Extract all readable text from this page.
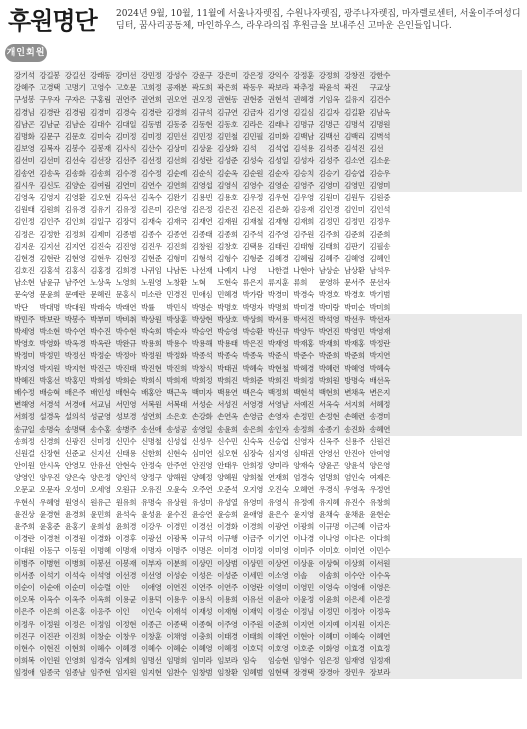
후원명단 2024년 9월, 10월, 11월에 서울나자렛집, 수원나자렛집, 광주나자렛집, 마자렐로센터, 서울이주여성디딤터, 꿈사리공동체, 마인하우스, 라우라의집 후원금을 보내주신 고마운 은인들입니다.
개인회원
강기석 강길봉 강길선 강래동 강미선 강민정 강성수 강운구 강은미 강은정 강익수 강정훈 강정희 강창진 강한수
강혜주 고경택 고명기 고영수 고호문 고희정 공재분 곽도희 곽은희 곽동우 곽보라 곽추정 곽윤석 곽진	구교상
구성봉 구우자 구자은 구홍림 권연주 권연희 권오연 권오정 권현동 권현중 권현석 권혜경 기임옥 길유지 김건수
김경님 김경란 김경림 김경미 김경숙 김경란 김경희 김규석 김규연 김금자 김기영 김길심 김길자 김길환 김남옥
김남곤 김남균 김남순 김대수 김대일 김동범 김동중 김동현 김동호 김라은 김래나 김명규 김명근 김명석 김명원
김명화 김문구 김문호 김미숙 김미정 김미정 김민선 김민정 김민철 김민필 김미화 김백남 김백선 김백리 김벽석
김보영 김복자 김봉수 김봉재 김사식 김산수 김상미 김상윤 김상화 김석	김석엽 김석용 김석종 김석진 김선
김선미 김선미 김선숙 김선장 김선주 김선정 김선희 김성란 김성준 김성숙 김성일 김성자 김성주 김소연 김소운
김송연 김송옥 김송화 김송희 김수경 김수정 김순례 김순식 김순옥 김순원 김순자 김승치 김승기 김승엽 김승우
김시우 김신도 김양순 김여림 김연미 김연수 김연희 김영섭 김영식 김영수 김영순 김영주 김영미 김영민 김영미
김영옥 김영지 김영환 김오현 김옥선 김옥수 김완기 김용빈 김용호 김우정 김우현 김우영 김원미 김원두 김원중
김원태 김원희 김유경 김유기 김유정 김은미 김은영 김은정 김은진 김은진 김은화 김응재 김인경 김인미 김인석
김인정 김인주 김인희 김일구 김장덕 김재숙 김재국 김재연 김재원 김재철 김재형 김재희 김정민 김정민 김정우
김정은 김정한 김정희 김제미 김종범 김종수 김종연 김종태 김종희 김주석 김주영 김주원 김주희 김준희 김준희
김지운 김지선 김지연 김진숙 김진영 김진우 김진희 김창원 김창호 김택용 김태린 김태형 김태희 김판기 김필송
김현경 김현란 김현영 김현우 김현정 김현준 김형미 김형석 김형수 김형준 김혜경 김혜림 김혜주 김혜영 김혜인
김호진 김홍석 김홍식 김홍정 김희경 나귀임 나남돈 나선재 나예지 나영	나한결 나현아 남상순 남상환 남석우
남소현 남윤규 남주연 노상옥 노영희 노원영 노창환 노혁	도현숙 류은지 류지훈 류희	문영하 문서주 문선자
문숙영 문윤희 문예란 문혜린 문홍식 미소란 민경진 민애심 민혜경 박가람 박경미 박경숙 박경호 박경호 박기범
박단	박대명 박대원 박래숙 박래연 박률	박민식 박명순 박명호 박명자 박명희 박미경 박미랑 박미순 박미희
박민주 박보란 박봉수 박부미 박비취 박상원 박상훈 박상현 박상호 박상희 박서용 박서진 박석영 박선우 박선자
박세영 박소현 박수연 박수진 박수현 박숙희 박순자 박승연 박승영 박승환 박신규 박양두 박연진 박영민 박영재
박영호 박영화 박옥경 박옥란 박완규 박용희 박용수 박용해 박용태 박은진 박재영 박재홍 박재희 박재홍 박정란
박정미 박정민 박정선 박정순 박정아 박정원 박정화 박종석 박종숙 박종욱 박준식 박준수 박준희 박준희 박지연
박지영 박지원 박지헌 박진근 박진태 박진현 박진희 박창식 박태권 박혜숙 박현철 박혜경 박혜련 박혜영 박혜숙
박혜진 박홍선 박홍민 박희성 박희순 박희식 박희재 박희정 박희진 박희준 박희진 박희정 박희원 방명숙 배선옥
배수정 배승혁 배은주 배인성 배현숙 배홍안 백근옥 백미자 백용연 백은숙 백정희 백현석 백현희 변채옥 변은지
변해영 서경석 서경애 서교님 서민영 서복원 서복태 서성순 서성진 서영경 서영남 서예진 서옥숙 서지희 서혜정
서희정 설경옥 설의석 성균영 성보경 성연희 소은호 손강화 손연옥 손영금 손영자 손정민 손정현 손혜련 송경미
송규일 송명숙 송명택 송수홍 송병주 송선애 송성공 송영일 송윤희 송은희 송인자 송정희 송종기 송진화 송혜연
송희정 신경희 신광진 신미정 신민수 신명철 신성섭 신성우 신수민 신숙옥 신승엽 신영자 신옥주 신용주 신원건
신원걸 신장현 신준교 신지선 신태용 신한희 신현숙 심미연 심오현 심장숙 심지영 심태권 안영선 안진아 안여영
안이원 안시옥 안영모 안유선 안현숙 안정숙 안주연 안진영 안태우 안희정 양미라 양재숙 양윤곤 양윤석 양은영
양영인 양우진 양은숙 양은정 양인석 양정구 양해원 양혜정 양혜원 양희철 연재희 엄경숙 엄명희 엄인숙 여제은
오문교 오문자 오성미 오세영 오원규 오유진 오윤숙 오주연 오준석 오지영 오진숙 오혜연 우경식 우영옥 우정연
우현식 우혜영 원영식 원유근 원유희 유명숙 유상원 유성미 유성열 유영미 유영식 유정예 유지혜 유진수 유창희
윤진상 윤경현 윤경희 윤민희 윤석숙 윤성윤 윤수진 윤승연 윤승희 윤애영 윤은수 윤지영 윤채숙 윤채윤 윤현순
윤주희 윤홍준 윤홍기 윤희성 윤희경 이강우 이경민 이경선 이경화 이경희 이광연 이광희 이규명 이근혜 이금자
이경란 이경천 이경원 이경화 이경후 이광선 이광복 이규석 이규행 이금주 이기연 이나경 이나영 이다은 이다희
이대원 이동구 이동원 이명혜 이명재 이명자 이명주 이명은 이미경 이미정 이미영 이미주 이미호 이미연 이민수
이병주 이병헌 이병희 이봉선 이봉재 이부자 이분희 이상민 이상범 이상민 이상연 이상윤 이상혁 이상희 이서원
이서종 이석기 이석숙 이석영 이선경 이선영 이성순 이성은 이성준 이세민 이소영 이솔	이솜희 이수안 이수옥
이순이 이순애 이순미 이승렬 이안	이애영 이연진 이연주 이연주 이영란 이영미 이영민 이영숙 이영애 이영은
이오복 이옥수 이옥주 이옥희 이용균 이용덕 이용우 이용식 이용희 이유선 이윤아 이윤정 이윤희 이은세 이은정
이은주 이은희 이은홍 이응주 이인	이인숙 이재석 이재성 이재형 이재익 이정순 이정님 이정민 이정아 이정옥
이정우 이정원 이정은 이정임 이정현 이종근 이종택 이종혁 이주영 이주원 이준희 이지연 이지예 이지원 이지은
이진구 이진관 이진희 이창순 이창우 이창훈 이채영 이충희 이태경 이태희 이해연 이현아 이혜미 이혜숙 이혜연
이현수 이현진 이현희 이혜수 이혜경 이혜수 이혜순 이혜영 이혜정 이호덕 이호영 이호준 이화영 이효경 이효정
이희복 이인원 인영희 임경숙 임계희 임명선 임명희 임미라 임보라 임숙	임승현 임영수 임은정 임재영 임정재
임정애 임종국 임종남 임주현 임지원 임지현 임찬수 임창범 임창환 임혜범 임현택 장경택 장경아 장민우 장보라
